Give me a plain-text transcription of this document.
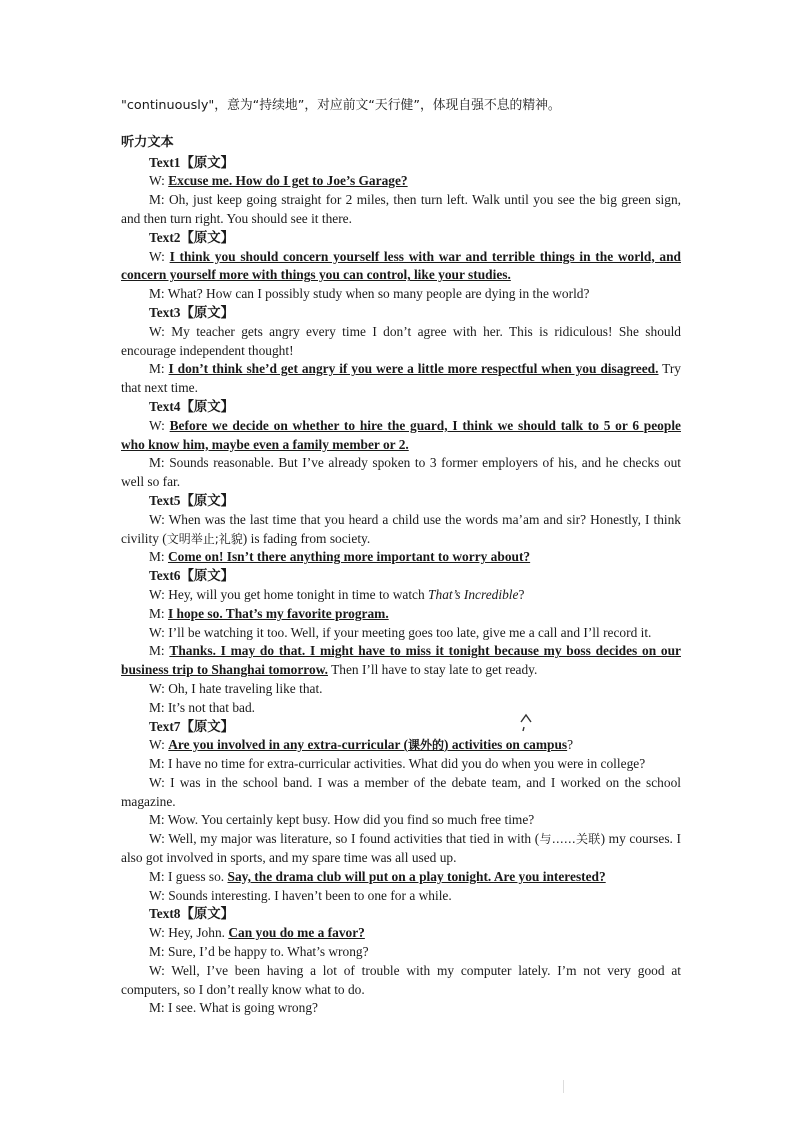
"continuously"，意为“持续地”，对应前文“天行健”，体现自强不息的精神。

听力文本
Text1【原文】

W: Excuse me. How do I get to Joe’s Garage?

M: Oh, just keep going straight for 2 miles, then turn left. Walk until you see the big green sign, and then turn right. You should see it there.

Text2【原文】

W: I think you should concern yourself less with war and terrible things in the world, and concern yourself more with things you can control, like your studies.

M: What? How can I possibly study when so many people are dying in the world?

Text3【原文】

W: My teacher gets angry every time I don’t agree with her. This is ridiculous! She should encourage independent thought!

M: I don’t think she’d get angry if you were a little more respectful when you disagreed. Try that next time.

Text4【原文】

W: Before we decide on whether to hire the guard, I think we should talk to 5 or 6 people who know him, maybe even a family member or 2.

M: Sounds reasonable. But I’ve already spoken to 3 former employers of his, and he checks out well so far.

Text5【原文】

W: When was the last time that you heard a child use the words ma’am and sir? Honestly, I think civility (文明举止;礼貌) is fading from society.

M: Come on! Isn’t there anything more important to worry about?

Text6【原文】

W: Hey, will you get home tonight in time to watch That’s Incredible?

M: I hope so. That’s my favorite program.

W: I’ll be watching it too. Well, if your meeting goes too late, give me a call and I’ll record it.

M: Thanks. I may do that. I might have to miss it tonight because my boss decides on our business trip to Shanghai tomorrow. Then I’ll have to stay late to get ready.

W: Oh, I hate traveling like that.

M: It’s not that bad.

Text7【原文】

W: Are you involved in any extra-curricular (课外的) activities on campus?

M: I have no time for extra-curricular activities. What did you do when you were in college?

W: I was in the school band. I was a member of the debate team, and I worked on the school magazine.

M: Wow. You certainly kept busy. How did you find so much free time?

W: Well, my major was literature, so I found activities that tied in with (与……关联) my courses. I also got involved in sports, and my spare time was all used up.

M: I guess so. Say, the drama club will put on a play tonight. Are you interested?

W: Sounds interesting. I haven’t been to one for a while.

Text8【原文】

W: Hey, John. Can you do me a favor?

M: Sure, I’d be happy to. What’s wrong?

W: Well, I’ve been having a lot of trouble with my computer lately. I’m not very good at computers, so I don’t really know what to do.

M: I see. What is going wrong?
